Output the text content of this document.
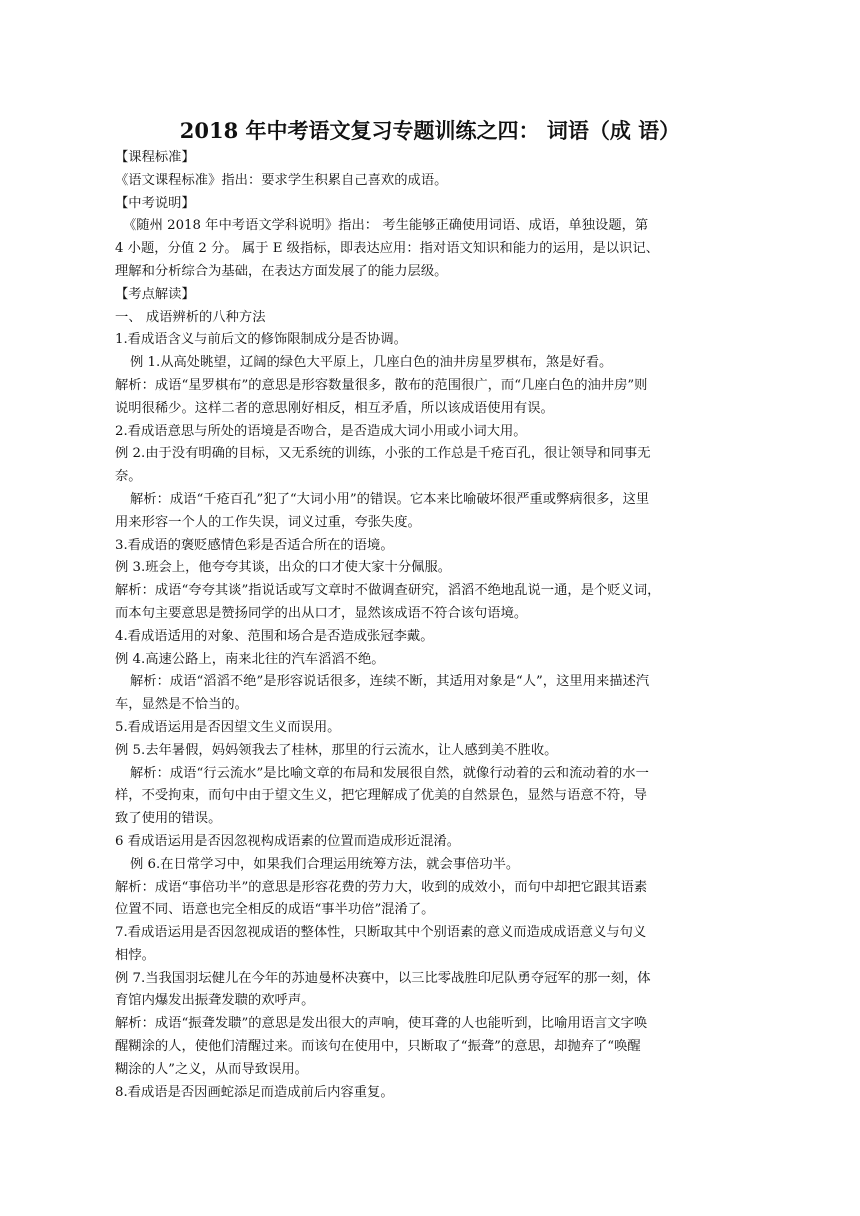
2018 年中考语文复习专题训练之四： 词语（成 语）
【课程标准】
《语文课程标准》指出：要求学生积累自己喜欢的成语。
【中考说明】
《随州 2018 年中考语文学科说明》指出： 考生能够正确使用词语、成语，单独设题，第
4 小题，分值 2 分。 属于 E 级指标，即表达应用：指对语文知识和能力的运用，是以识记、
理解和分析综合为基础，在表达方面发展了的能力层级。
【考点解读】
一、 成语辨析的八种方法
1.看成语含义与前后文的修饰限制成分是否协调。
例 1.从高处眺望，辽阔的绿色大平原上，几座白色的油井房星罗棋布，煞是好看。
解析：成语“星罗棋布”的意思是形容数量很多，散布的范围很广，而“几座白色的油井房”则
说明很稀少。这样二者的意思刚好相反，相互矛盾，所以该成语使用有误。
2.看成语意思与所处的语境是否吻合，是否造成大词小用或小词大用。
例 2.由于没有明确的目标，又无系统的训练，小张的工作总是千疮百孔，很让领导和同事无
奈。
解析：成语“千疮百孔”犯了“大词小用”的错误。它本来比喻破坏很严重或弊病很多，这里
用来形容一个人的工作失误，词义过重，夸张失度。
3.看成语的褒贬感情色彩是否适合所在的语境。
例 3.班会上，他夸夸其谈，出众的口才使大家十分佩服。
解析：成语“夸夸其谈”指说话或写文章时不做调查研究，滔滔不绝地乱说一通，是个贬义词，
而本句主要意思是赞扬同学的出从口才，显然该成语不符合该句语境。
4.看成语适用的对象、范围和场合是否造成张冠李戴。
例 4.高速公路上，南来北往的汽车滔滔不绝。
解析：成语“滔滔不绝”是形容说话很多，连续不断，其适用对象是“人”，这里用来描述汽
车，显然是不恰当的。
5.看成语运用是否因望文生义而误用。
例 5.去年暑假，妈妈领我去了桂林，那里的行云流水，让人感到美不胜收。
解析：成语“行云流水”是比喻文章的布局和发展很自然，就像行动着的云和流动着的水一
样，不受拘束，而句中由于望文生义，把它理解成了优美的自然景色，显然与语意不符，导
致了使用的错误。
6 看成语运用是否因忽视构成语素的位置而造成形近混淆。
例 6.在日常学习中，如果我们合理运用统筹方法，就会事倍功半。
解析：成语“事倍功半”的意思是形容花费的劳力大，收到的成效小，而句中却把它跟其语素
位置不同、语意也完全相反的成语“事半功倍”混淆了。
7.看成语运用是否因忽视成语的整体性，只断取其中个别语素的意义而造成成语意义与句义
相悖。
例 7.当我国羽坛健儿在今年的苏迪曼杯决赛中，以三比零战胜印尼队勇夺冠军的那一刻，体
育馆内爆发出振聋发聩的欢呼声。
解析：成语“振聋发聩”的意思是发出很大的声响，使耳聋的人也能听到，比喻用语言文字唤
醒糊涂的人，使他们清醒过来。而该句在使用中，只断取了“振聋”的意思，却抛弃了“唤醒
糊涂的人”之义，从而导致误用。
8.看成语是否因画蛇添足而造成前后内容重复。
